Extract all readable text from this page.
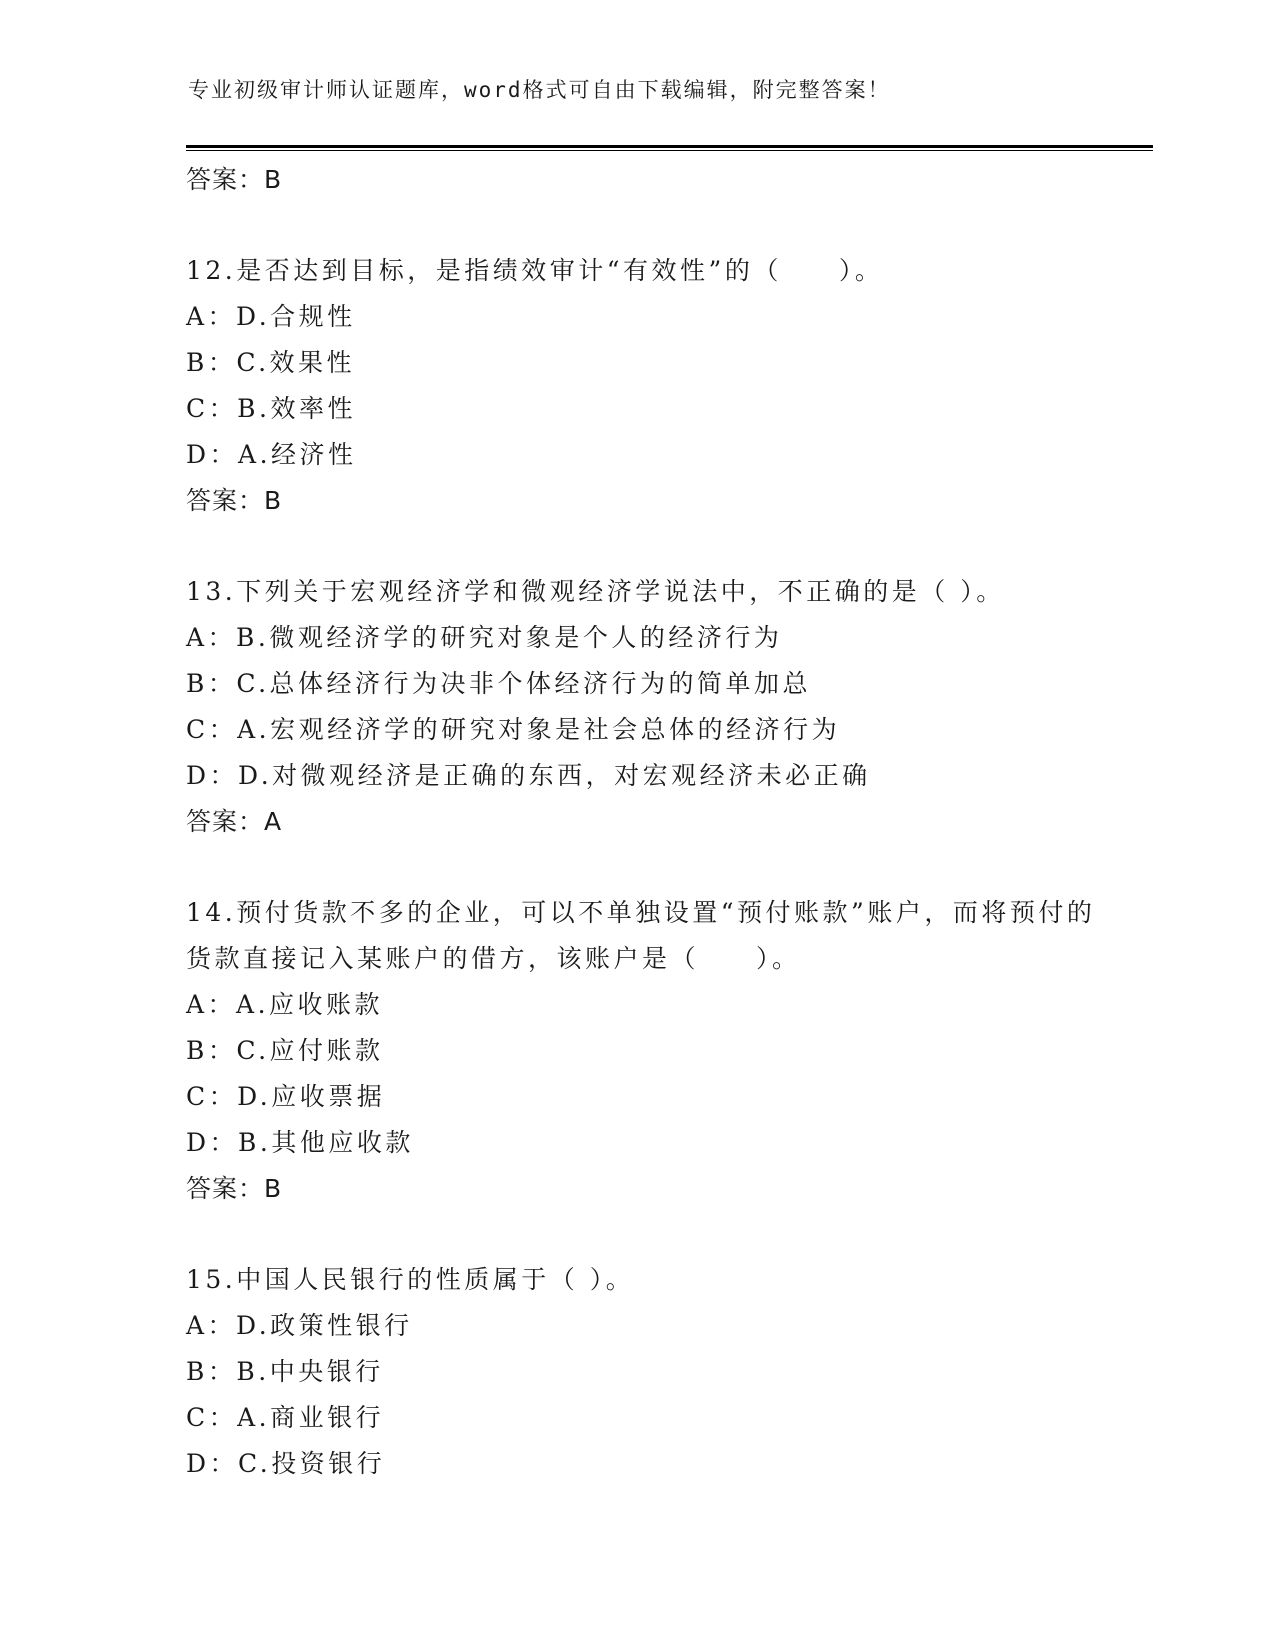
专业初级审计师认证题库，word格式可自由下载编辑，附完整答案！
答案：B
12.是否达到目标，是指绩效审计“有效性”的（　　）。
A：D.合规性
B：C.效果性
C：B.效率性
D：A.经济性
答案：B
13.下列关于宏观经济学和微观经济学说法中，不正确的是（ ）。
A：B.微观经济学的研究对象是个人的经济行为
B：C.总体经济行为决非个体经济行为的简单加总
C：A.宏观经济学的研究对象是社会总体的经济行为
D：D.对微观经济是正确的东西，对宏观经济未必正确
答案：A
14.预付货款不多的企业，可以不单独设置“预付账款”账户，而将预付的货款直接记入某账户的借方，该账户是（　　）。
A：A.应收账款
B：C.应付账款
C：D.应收票据
D：B.其他应收款
答案：B
15.中国人民银行的性质属于（ ）。
A：D.政策性银行
B：B.中央银行
C：A.商业银行
D：C.投资银行
